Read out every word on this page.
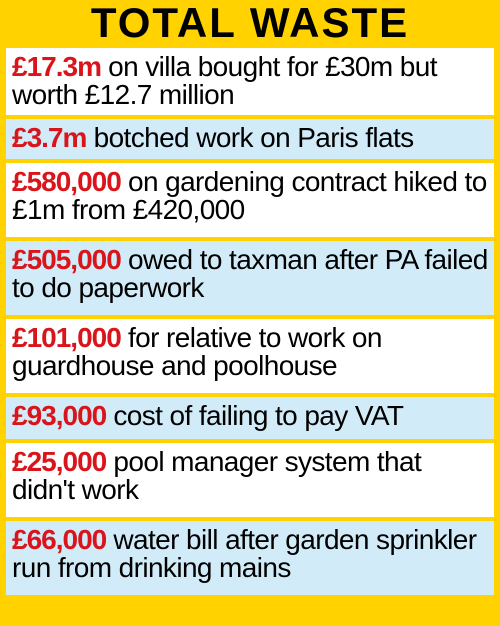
TOTAL WASTE
£17.3m on villa bought for £30m but worth £12.7 million
£3.7m botched work on Paris flats
£580,000 on gardening contract hiked to £1m from £420,000
£505,000 owed to taxman after PA failed to do paperwork
£101,000 for relative to work on guardhouse and poolhouse
£93,000 cost of failing to pay VAT
£25,000 pool manager system that didn't work
£66,000 water bill after garden sprinkler run from drinking mains
